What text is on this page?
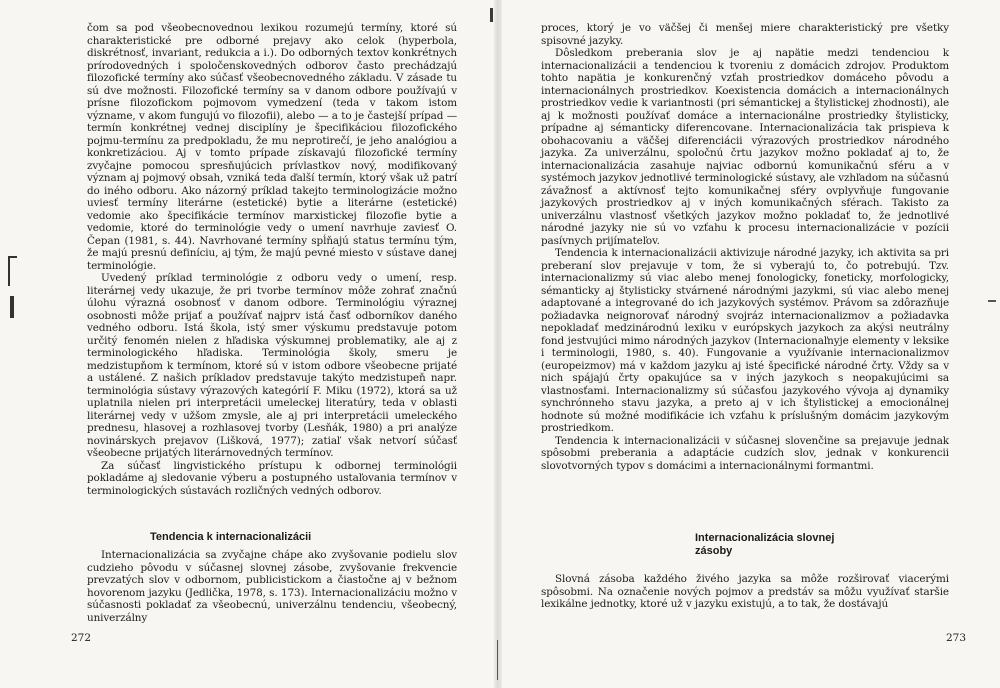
čom sa pod všeobecnovednou lexikou rozumejú termíny, ktoré sú charakteristické pre odborné prejavy ako celok (hyperbola, diskrétnosť, invariant, redukcia a i.). Do odborných textov konkrétnych prírodovedných i spoločenskovedných odborov často prechádzajú filozofické termíny ako súčasť všeobecnovedného základu. V zásade tu sú dve možnosti. Filozofické termíny sa v danom odbore používajú v prísne filozofickom pojmovom vymedzení (teda v takom istom význame, v akom fungujú vo filozofii), alebo — a to je častejší prípad — termín konkrétnej vednej disciplíny je špecifikáciou filozofického pojmu-termínu za predpokladu, že mu neprotirečí, je jeho analógiou a konkretizáciou. Aj v tomto prípade získavajú filozofické termíny zvyčajne pomocou spresňujúcich prívlastkov nový, modifikovaný význam aj pojmový obsah, vzniká teda ďalší termín, ktorý však už patrí do iného odboru. Ako názorný príklad takejto terminologizácie možno uviesť termíny literárne (estetické) bytie a literárne (estetické) vedomie ako špecifikácie termínov marxistickej filozofie bytie a vedomie, ktoré do terminológie vedy o umení navrhuje zaviesť O. Čepan (1981, s. 44). Navrhované termíny spĺňajú status termínu tým, že majú presnú definíciu, aj tým, že majú pevné miesto v sústave danej terminológie.

Uvedený príklad terminológie z odboru vedy o umení, resp. literárnej vedy ukazuje, že pri tvorbe termínov môže zohrať značnú úlohu výrazná osobnosť v danom odbore. Terminológiu výraznej osobnosti môže prijať a používať najprv istá časť odborníkov daného vedného odboru. Istá škola, istý smer výskumu predstavuje potom určitý fenomén nielen z hľadiska výskumnej problematiky, ale aj z terminologického hľadiska. Terminológia školy, smeru je medzistupňom k termínom, ktoré sú v istom odbore všeobecne prijaté a ustálené. Z našich príkladov predstavuje takýto medzistupeň napr. terminológia sústavy výrazových kategórií F. Miku (1972), ktorá sa už uplatnila nielen pri interpretácii umeleckej literatúry, teda v oblasti literárnej vedy v užšom zmysle, ale aj pri interpretácii umeleckého prednesu, hlasovej a rozhlasovej tvorby (Lesňák, 1980) a pri analýze novinárskych prejavov (Lišková, 1977); zatiaľ však netvorí súčasť všeobecne prijatých literárnovedných termínov.

Za súčasť lingvistického prístupu k odbornej terminológii pokladáme aj sledovanie výberu a postupného ustaľovania termínov v terminologických sústavách rozličných vedných odborov.

Tendencia k internacionalizácii

Internacionalizácia sa zvyčajne chápe ako zvyšovanie podielu slov cudzieho pôvodu v súčasnej slovnej zásobe, zvyšovanie frekvencie prevzatých slov v odbornom, publicistickom a čiastočne aj v bežnom hovorenom jazyku (Jedlička, 1978, s. 173). Internacionalizáciu možno v súčasnosti pokladať za všeobecnú, univerzálnu tendenciu, všeobecný, univerzálny

272

proces, ktorý je vo väčšej či menšej miere charakteristický pre všetky spisovné jazyky.

Dôsledkom preberania slov je aj napätie medzi tendenciou k internacionalizácii a tendenciou k tvoreniu z domácich zdrojov. Produktom tohto napätia je konkurenčný vzťah prostriedkov domáceho pôvodu a internacionálnych prostriedkov. Koexistencia domácich a internacionálnych prostriedkov vedie k variantnosti (pri sémantickej a štylistickej zhodnosti), ale aj k možnosti používať domáce a internacionálne prostriedky štylisticky, prípadne aj sémanticky diferencovane. Internacionalizácia tak prispieva k obohacovaniu a väčšej diferenciácii výrazových prostriedkov národného jazyka. Za univerzálnu, spoločnú črtu jazykov možno pokladať aj to, že internacionalizácia zasahuje najviac odbornú komunikačnú sféru a v systémoch jazykov jednotlivé terminologické sústavy, ale vzhľadom na súčasnú závažnosť a aktívnosť tejto komunikačnej sféry ovplyvňuje fungovanie jazykových prostriedkov aj v iných komunikačných sférach. Takisto za univerzálnu vlastnosť všetkých jazykov možno pokladať to, že jednotlivé národné jazyky nie sú vo vzťahu k procesu internacionalizácie v pozícii pasívnych prijímateľov.

Tendencia k internacionalizácii aktivizuje národné jazyky, ich aktivita sa pri preberaní slov prejavuje v tom, že si vyberajú to, čo potrebujú. Tzv. internacionalizmy sú viac alebo menej fonologicky, foneticky, morfologicky, sémanticky aj štylisticky stvárnené národnými jazykmi, sú viac alebo menej adaptované a integrované do ich jazykových systémov. Právom sa zdôrazňuje požiadavka neignorovať národný svojráz internacionalizmov a požiadavka nepokladať medzinárodnú lexiku v európskych jazykoch za akýsi neutrálny fond jestvujúci mimo národných jazykov (Internacionaľnyje elementy v leksike i terminologii, 1980, s. 40). Fungovanie a využívanie internacionalizmov (europeizmov) má v každom jazyku aj isté špecifické národné črty. Vždy sa v nich spájajú črty opakujúce sa v iných jazykoch s neopakujúcimi sa vlastnosťami. Internacionalizmy sú súčasťou jazykového vývoja aj dynamiky synchrónneho stavu jazyka, a preto aj v ich štylistickej a emocionálnej hodnote sú možné modifikácie ich vzťahu k príslušným domácim jazykovým prostriedkom.

Tendencia k internacionalizácii v súčasnej slovenčine sa prejavuje jednak spôsobmi preberania a adaptácie cudzích slov, jednak v konkurencii slovotvorných typov s domácimi a internacionálnymi formantmi.

Internacionalizácia slovnej
zásoby

Slovná zásoba každého živého jazyka sa môže rozširovať viacerými spôsobmi. Na označenie nových pojmov a predstáv sa môžu využívať staršie lexikálne jednotky, ktoré už v jazyku existujú, a to tak, že dostávajú

273
